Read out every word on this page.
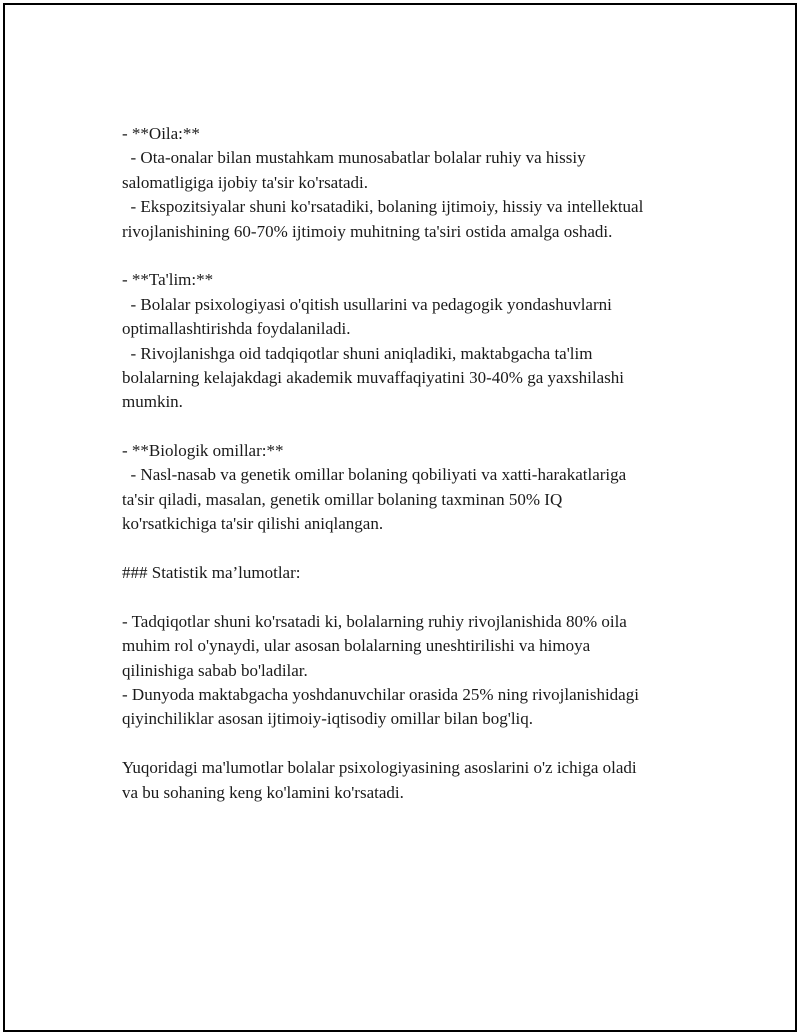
- **Oila:**
- Ota-onalar bilan mustahkam munosabatlar bolalar ruhiy va hissiy
salomatligiga ijobiy ta'sir ko'rsatadi.
- Ekspozitsiyalar shuni ko'rsatadiki, bolaning ijtimoiy, hissiy va intellektual
rivojlanishining 60-70% ijtimoiy muhitning ta'siri ostida amalga oshadi.
- **Ta'lim:**
- Bolalar psixologiyasi o'qitish usullarini va pedagogik yondashuvlarni
optimallashtirishda foydalaniladi.
- Rivojlanishga oid tadqiqotlar shuni aniqladiki, maktabgacha ta'lim
bolalarning kelajakdagi akademik muvaffaqiyatini 30-40% ga yaxshilashi
mumkin.
- **Biologik omillar:**
- Nasl-nasab va genetik omillar bolaning qobiliyati va xatti-harakatlariga
ta'sir qiladi, masalan, genetik omillar bolaning taxminan 50% IQ
ko'rsatkichiga ta'sir qilishi aniqlangan.
### Statistik ma’lumotlar:
- Tadqiqotlar shuni ko'rsatadi ki, bolalarning ruhiy rivojlanishida 80% oila
muhim rol o'ynaydi, ular asosan bolalarning uneshtirilishi va himoya
qilinishiga sabab bo'ladilar.
- Dunyoda maktabgacha yoshdanuvchilar orasida 25% ning rivojlanishidagi
qiyinchiliklar asosan ijtimoiy-iqtisodiy omillar bilan bog'liq.
Yuqoridagi ma'lumotlar bolalar psixologiyasining asoslarini o'z ichiga oladi
va bu sohaning keng ko'lamini ko'rsatadi.
